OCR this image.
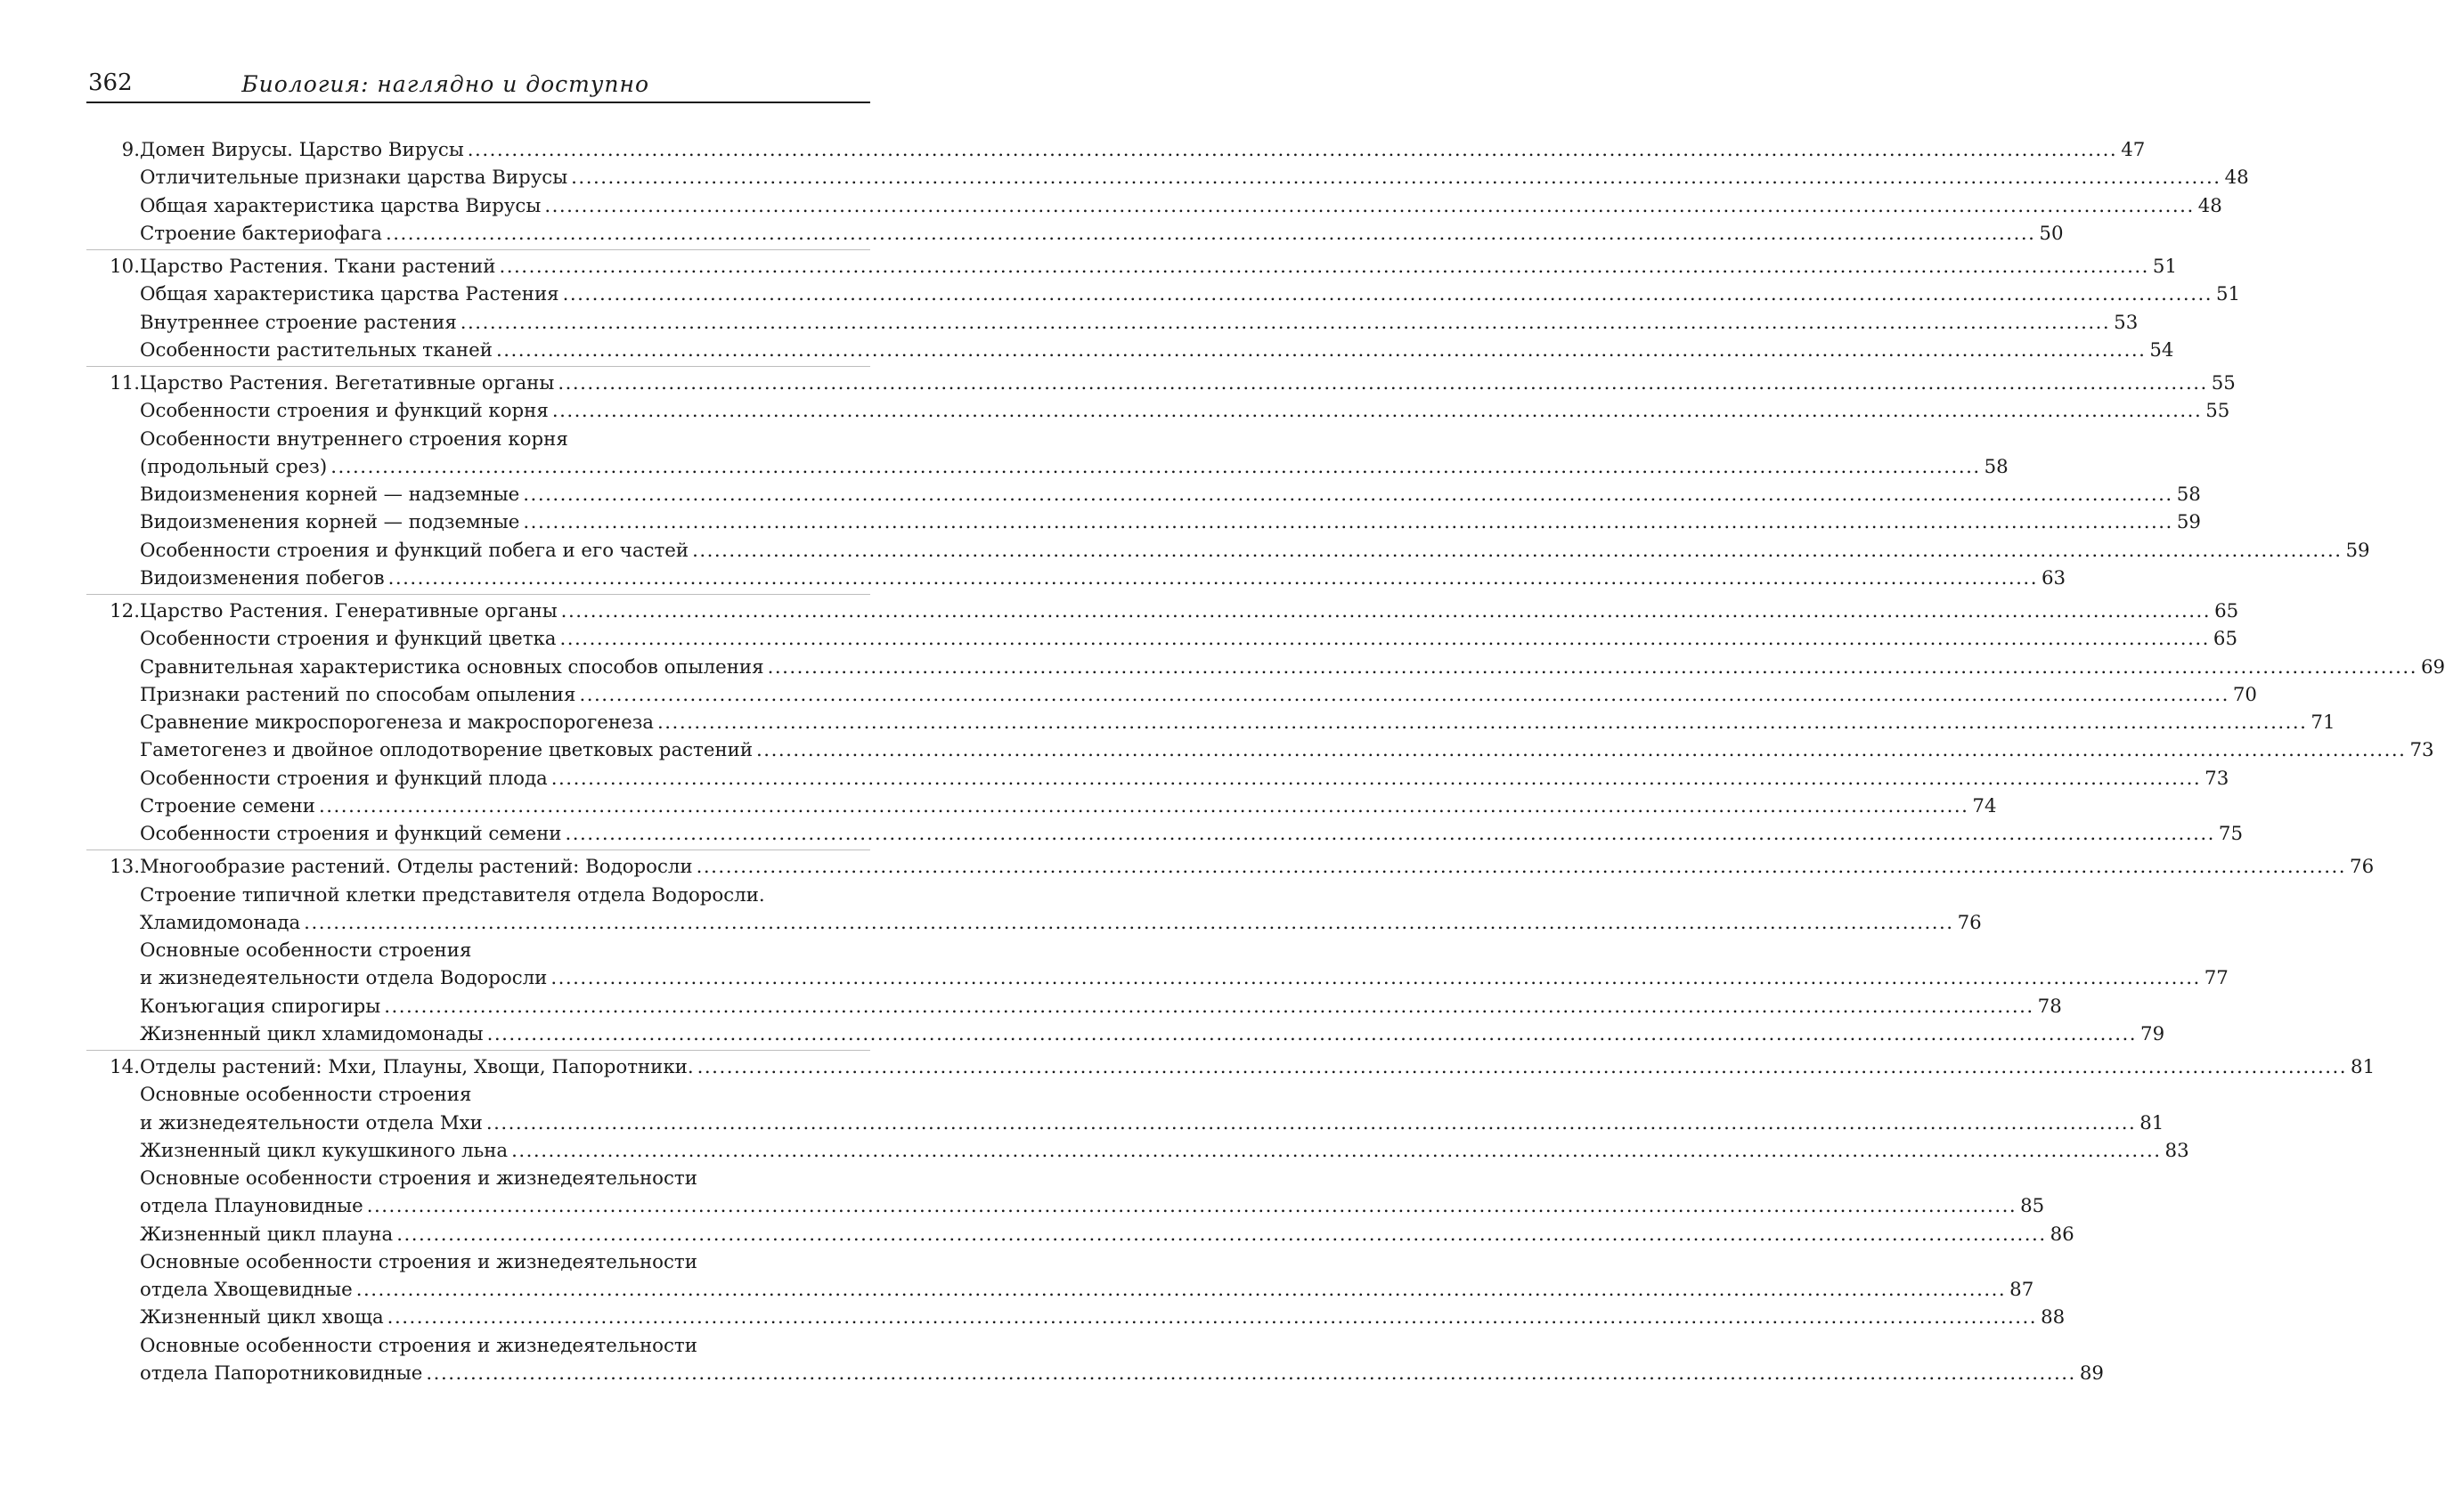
362	Биология: наглядно и доступно
9. Домен Вирусы. Царство Вирусы .....	47
Отличительные признаки царства Вирусы .....	48
Общая характеристика царства Вирусы .....	48
Строение бактериофага .....	50
10. Царство Растения. Ткани растений .....	51
Общая характеристика царства Растения .....	51
Внутреннее строение растения .....	53
Особенности растительных тканей .....	54
11. Царство Растения. Вегетативные органы .....	55
Особенности строения и функций корня .....	55
Особенности внутреннего строения корня
(продольный срез) .....	58
Видоизменения корней — надземные .....	58
Видоизменения корней — подземные .....	59
Особенности строения и функций побега и его частей .....	59
Видоизменения побегов .....	63
12. Царство Растения. Генеративные органы .....	65
Особенности строения и функций цветка .....	65
Сравнительная характеристика основных способов опыления .....	69
Признаки растений по способам опыления .....	70
Сравнение микроспорогенеза и макроспорогенеза .....	71
Гаметогенез и двойное оплодотворение цветковых растений .....	73
Особенности строения и функций плода .....	73
Строение семени .....	74
Особенности строения и функций семени .....	75
13. Многообразие растений. Отделы растений: Водоросли .....	76
Строение типичной клетки представителя отдела Водоросли.
Хламидомонада .....	76
Основные особенности строения
и жизнедеятельности отдела Водоросли .....	77
Конъюгация спирогиры .....	78
Жизненный цикл хламидомонады .....	79
14. Отделы растений: Мхи, Плауны, Хвощи, Папоротники. .....	81
Основные особенности строения
и жизнедеятельности отдела Мхи .....	81
Жизненный цикл кукушкиного льна .....	83
Основные особенности строения и жизнедеятельности
отдела Плауновидные .....	85
Жизненный цикл плауна .....	86
Основные особенности строения и жизнедеятельности
отдела Хвощевидные .....	87
Жизненный цикл хвоща .....	88
Основные особенности строения и жизнедеятельности
отдела Папоротниковидные .....	89
